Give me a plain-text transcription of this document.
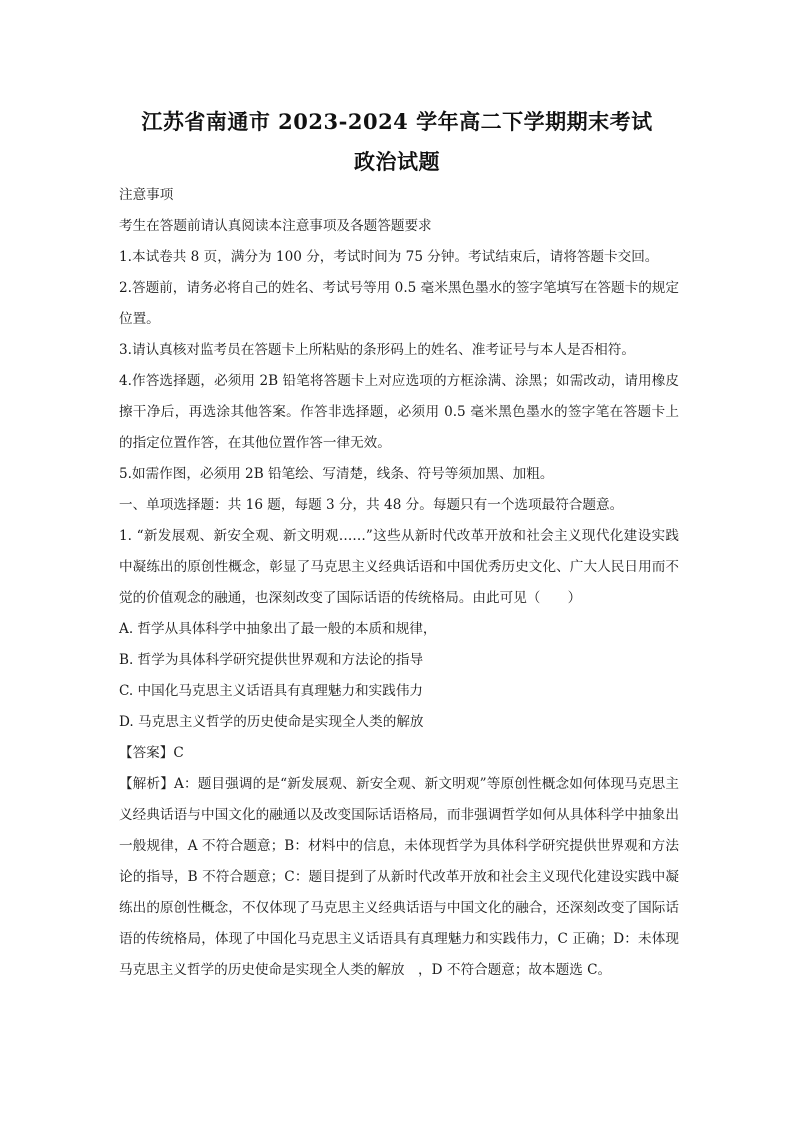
江苏省南通市 2023-2024 学年高二下学期期末考试
政治试题

注意事项

考生在答题前请认真阅读本注意事项及各题答题要求

1.本试卷共 8 页，满分为 100 分，考试时间为 75 分钟。考试结束后，请将答题卡交回。

2.答题前，请务必将自己的姓名、考试号等用 0.5 毫米黑色墨水的签字笔填写在答题卡的规定位置。

3.请认真核对监考员在答题卡上所粘贴的条形码上的姓名、准考证号与本人是否相符。

4.作答选择题，必须用 2B 铅笔将答题卡上对应选项的方框涂满、涂黑；如需改动，请用橡皮擦干净后，再选涂其他答案。作答非选择题，必须用 0.5 毫米黑色墨水的签字笔在答题卡上的指定位置作答，在其他位置作答一律无效。

5.如需作图，必须用 2B 铅笔绘、写清楚，线条、符号等须加黑、加粗。

一、单项选择题：共 16 题，每题 3 分，共 48 分。每题只有一个选项最符合题意。

1. “新发展观、新安全观、新文明观……”这些从新时代改革开放和社会主义现代化建设实践中凝练出的原创性概念，彰显了马克思主义经典话语和中国优秀历史文化、广大人民日用而不觉的价值观念的融通，也深刻改变了国际话语的传统格局。由此可见（　　）

A. 哲学从具体科学中抽象出了最一般的本质和规律，

B. 哲学为具体科学研究提供世界观和方法论的指导

C. 中国化马克思主义话语具有真理魅力和实践伟力

D. 马克思主义哲学的历史使命是实现全人类的解放

【答案】C

【解析】A：题目强调的是“新发展观、新安全观、新文明观”等原创性概念如何体现马克思主义经典话语与中国文化的融通以及改变国际话语格局，而非强调哲学如何从具体科学中抽象出一般规律，A 不符合题意；B：材料中的信息，未体现哲学为具体科学研究提供世界观和方法论的指导，B 不符合题意；C：题目提到了从新时代改革开放和社会主义现代化建设实践中凝练出的原创性概念，不仅体现了马克思主义经典话语与中国文化的融合，还深刻改变了国际话语的传统格局，体现了中国化马克思主义话语具有真理魅力和实践伟力，C 正确；D：未体现马克思主义哲学的历史使命是实现全人类的解放　，D 不符合题意；故本题选 C。
